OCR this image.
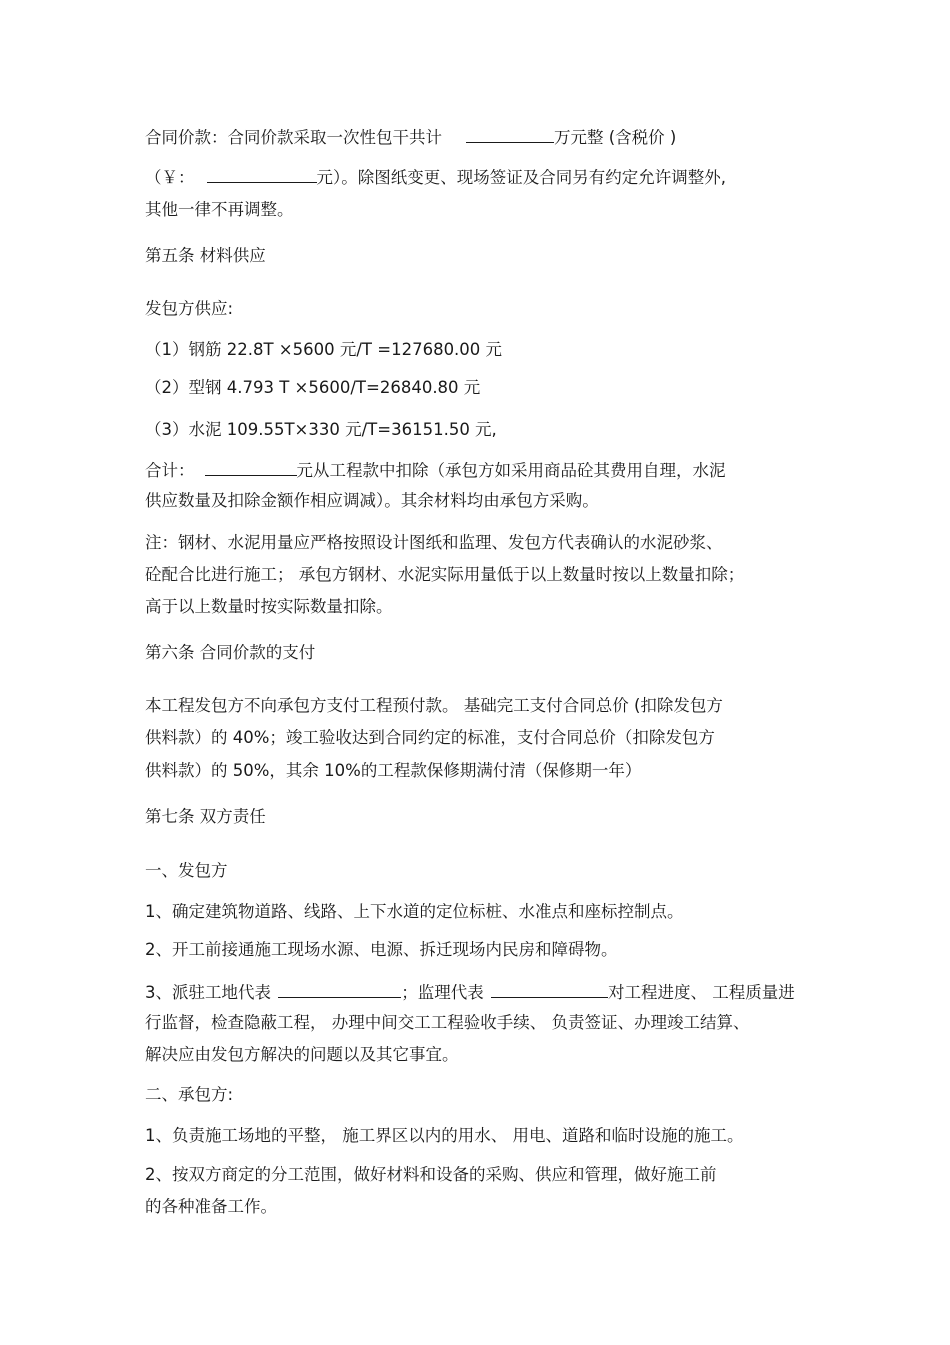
合同价款：合同价款采取一次性包干共计	万元整 (含税价 )

（￥：	元）。除图纸变更、现场签证及合同另有约定允许调整外,

其他一律不再调整。

第五条 材料供应

发包方供应:

（1）钢筋 22.8T ×5600 元/T =127680.00 元

（2）型钢 4.793 T ×5600/T=26840.80 元

（3）水泥 109.55T×330 元/T=36151.50 元,

合计：	元从工程款中扣除（承包方如采用商品砼其费用自理，水泥

供应数量及扣除金额作相应调减）。其余材料均由承包方采购。

注：钢材、水泥用量应严格按照设计图纸和监理、发包方代表确认的水泥砂浆、

砼配合比进行施工； 承包方钢材、水泥实际用量低于以上数量时按以上数量扣除；

高于以上数量时按实际数量扣除。

第六条 合同价款的支付

本工程发包方不向承包方支付工程预付款。 基础完工支付合同总价 (扣除发包方

供料款）的 40%；竣工验收达到合同约定的标准，支付合同总价（扣除发包方

供料款）的 50%，其余 10%的工程款保修期满付清（保修期一年）

第七条 双方责任

一、发包方

1、确定建筑物道路、线路、上下水道的定位标桩、水准点和座标控制点。

2、开工前接通施工现场水源、电源、拆迁现场内民房和障碍物。

3、派驻工地代表	；监理代表	对工程进度、 工程质量进

行监督，检查隐蔽工程， 办理中间交工工程验收手续、 负责签证、办理竣工结算、

解决应由发包方解决的问题以及其它事宜。

二、承包方:

1、负责施工场地的平整， 施工界区以内的用水、 用电、道路和临时设施的施工。

2、按双方商定的分工范围，做好材料和设备的采购、供应和管理，做好施工前

的各种准备工作。
